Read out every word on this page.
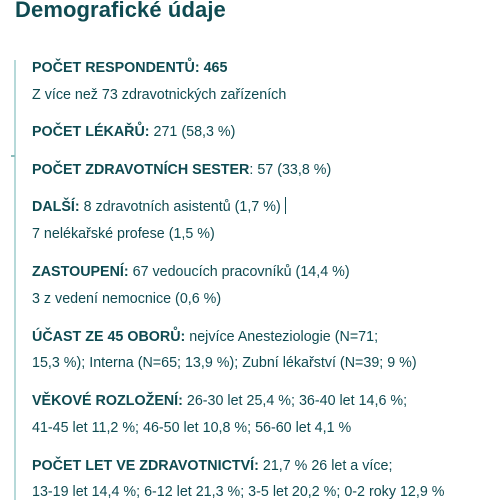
Demografické údaje
POČET RESPONDENTŮ: 465
Z více než 73 zdravotnických zařízeních
POČET LÉKAŘŮ: 271 (58,3 %)
POČET ZDRAVOTNÍCH SESTER: 57 (33,8 %)
DALŠÍ: 8 zdravotních asistentů (1,7 %)
7 nelékařské profese (1,5 %)
ZASTOUPENÍ: 67 vedoucích pracovníků (14,4 %)
3 z vedení nemocnice (0,6 %)
ÚČAST ZE 45 OBORŮ: nejvíce Anesteziologie (N=71;
15,3 %); Interna (N=65; 13,9 %); Zubní lékařství (N=39; 9 %)
VĚKOVÉ ROZLOŽENÍ: 26-30 let 25,4 %; 36-40 let 14,6 %;
41-45 let 11,2 %; 46-50 let 10,8 %; 56-60 let 4,1 %
POČET LET VE ZDRAVOTNICTVÍ: 21,7 % 26 let a více;
13-19 let 14,4 %; 6-12 let 21,3 %; 3-5 let 20,2 %; 0-2 roky 12,9 %
